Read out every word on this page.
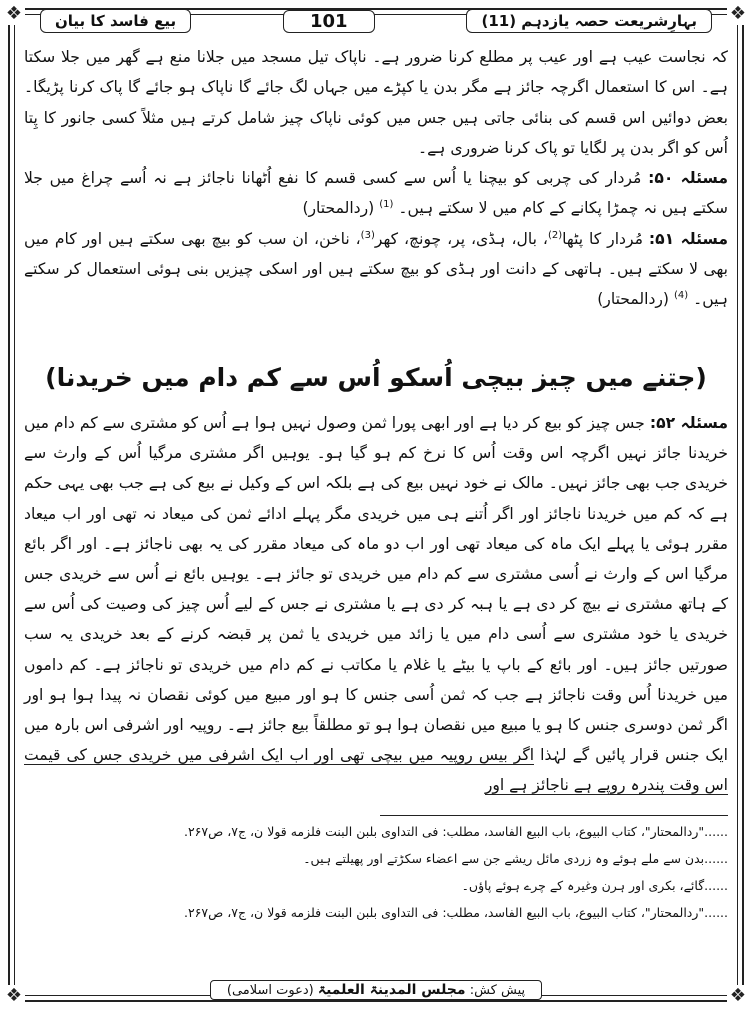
❖	❖
❖	❖
بہارِشریعت حصہ یازدہم (11)
101
بیع فاسد کا بیان

کہ نجاست عیب ہے اور عیب پر مطلع کرنا ضرور ہے۔ ناپاک تیل مسجد میں جلانا منع ہے گھر میں جلا سکتا ہے۔ اس کا استعمال اگرچہ جائز ہے مگر بدن یا کپڑے میں جہاں لگ جائے گا ناپاک ہو جائے گا پاک کرنا پڑیگا۔ بعض دوائیں اس قسم کی بنائی جاتی ہیں جس میں کوئی ناپاک چیز شامل کرتے ہیں مثلاً کسی جانور کا پِتا اُس کو اگر بدن پر لگایا تو پاک کرنا ضروری ہے۔

مسئلہ ۵۰: مُردار کی چربی کو بیچنا یا اُس سے کسی قسم کا نفع اُٹھانا ناجائز ہے نہ اُسے چراغ میں جلا سکتے ہیں نہ چمڑا پکانے کے کام میں لا سکتے ہیں۔ $^{(1)}$ (ردالمحتار)

مسئلہ ۵۱: مُردار کا پٹھا$^{(2)}$، بال، ہڈی، پر، چونچ، کھر$^{(3)}$، ناخن، ان سب کو بیچ بھی سکتے ہیں اور کام میں بھی لا سکتے ہیں۔ ہاتھی کے دانت اور ہڈی کو بیچ سکتے ہیں اور اسکی چیزیں بنی ہوئی استعمال کر سکتے ہیں۔ $^{(4)}$ (ردالمحتار)

(جتنے میں چیز بیچی اُسکو اُس سے کم دام میں خریدنا)
مسئلہ ۵۲: جس چیز کو بیع کر دیا ہے اور ابھی پورا ثمن وصول نہیں ہوا ہے اُس کو مشتری سے کم دام میں خریدنا جائز نہیں اگرچہ اس وقت اُس کا نرخ کم ہو گیا ہو۔ یوہیں اگر مشتری مرگیا اُس کے وارث سے خریدی جب بھی جائز نہیں۔ مالک نے خود نہیں بیع کی ہے بلکہ اس کے وکیل نے بیع کی ہے جب بھی یہی حکم ہے کہ کم میں خریدنا ناجائز اور اگر اُتنے ہی میں خریدی مگر پہلے ادائے ثمن کی میعاد نہ تھی اور اب میعاد مقرر ہوئی یا پہلے ایک ماہ کی میعاد تھی اور اب دو ماہ کی میعاد مقرر کی یہ بھی ناجائز ہے۔ اور اگر بائع مرگیا اس کے وارث نے اُسی مشتری سے کم دام میں خریدی تو جائز ہے۔ یوہیں بائع نے اُس سے خریدی جس کے ہاتھ مشتری نے بیچ کر دی ہے یا ہبہ کر دی ہے یا مشتری نے جس کے لیے اُس چیز کی وصیت کی اُس سے خریدی یا خود مشتری سے اُسی دام میں یا زائد میں خریدی یا ثمن پر قبضہ کرنے کے بعد خریدی یہ سب صورتیں جائز ہیں۔ اور بائع کے باپ یا بیٹے یا غلام یا مکاتب نے کم دام میں خریدی تو ناجائز ہے۔ کم داموں میں خریدنا اُس وقت ناجائز ہے جب کہ ثمن اُسی جنس کا ہو اور مبیع میں کوئی نقصان نہ پیدا ہوا ہو اور اگر ثمن دوسری جنس کا ہو یا مبیع میں نقصان ہوا ہو تو مطلقاً بیع جائز ہے۔ روپیہ اور اشرفی اس بارہ میں ایک جنس قرار پائیں گے لہٰذا اگر بیس روپیہ میں بیچی تھی اور اب ایک اشرفی میں خریدی جس کی قیمت اس وقت پندرہ روپے ہے ناجائز ہے اور
......"ردالمحتار"، کتاب البیوع، باب البیع الفاسد، مطلب: فی التداوی بلبن البنت فلزمه قولا ن، ج۷، ص۲۶۷.
......بدن سے ملے ہوئے وہ زردی مائل ریشے جن سے اعضاء سکڑتے اور پھیلتے ہیں۔
......گائے، بکری اور ہرن وغیرہ کے چرے ہوئے پاؤں۔
......"ردالمحتار"، کتاب البیوع، باب البیع الفاسد، مطلب: فی التداوی بلبن البنت فلزمه قولا ن، ج۷، ص۲۶۷.
پیش کش: مجلس المدینۃ العلمیۃ (دعوت اسلامی)
